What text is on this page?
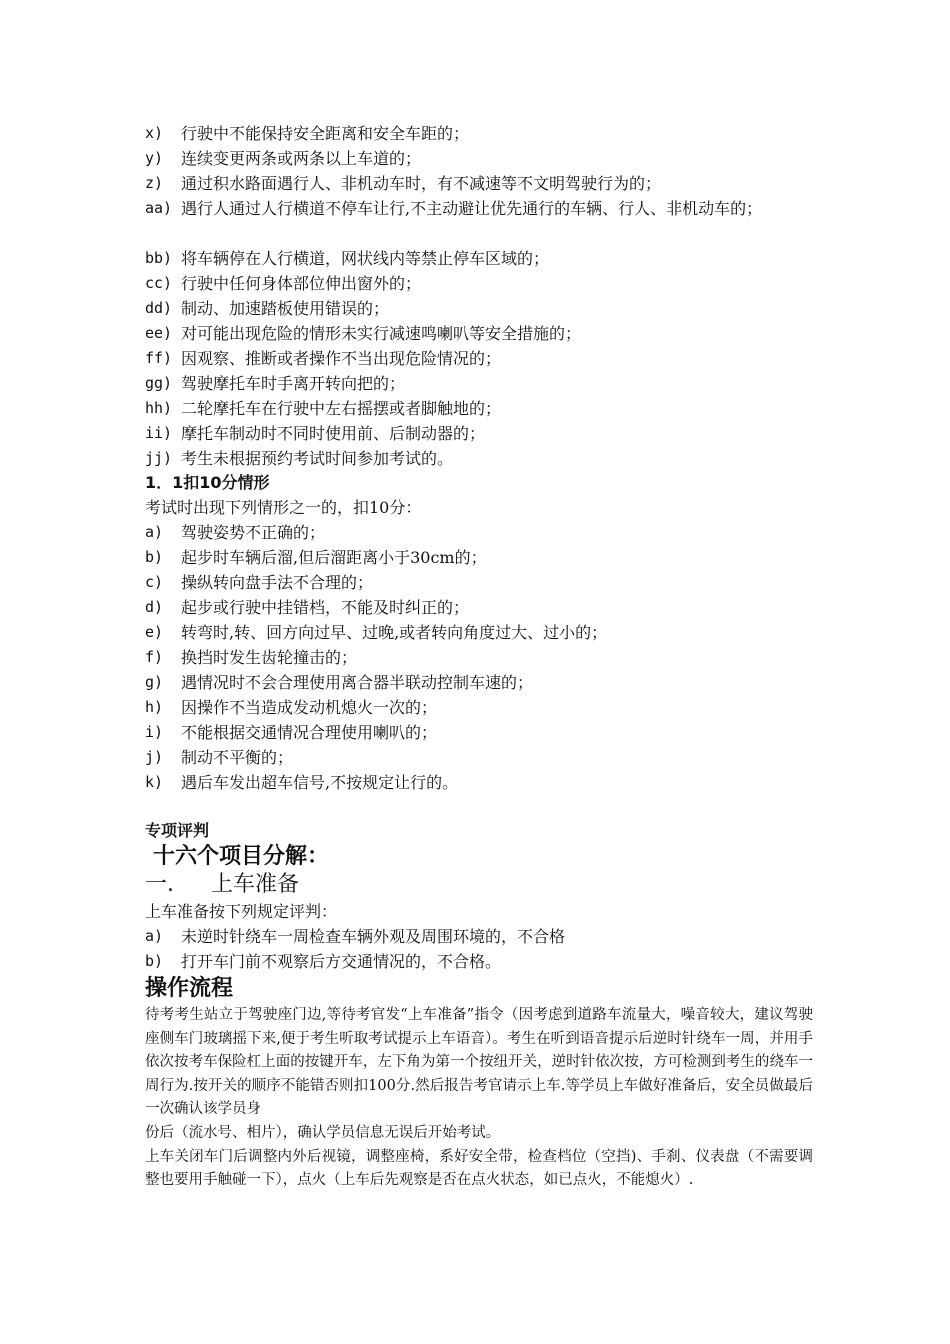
x)	行驶中不能保持安全距离和安全车距的；
y)	连续变更两条或两条以上车道的；
z)	通过积水路面遇行人、非机动车时，有不减速等不文明驾驶行为的；
aa) 遇行人通过人行横道不停车让行,不主动避让优先通行的车辆、行人、非机动车的；
bb) 将车辆停在人行横道，网状线内等禁止停车区域的；
cc) 行驶中任何身体部位伸出窗外的；
dd) 制动、加速踏板使用错误的；
ee) 对可能出现危险的情形未实行减速鸣喇叭等安全措施的；
ff) 因观察、推断或者操作不当出现危险情况的；
gg) 驾驶摩托车时手离开转向把的；
hh) 二轮摩托车在行驶中左右摇摆或者脚触地的；
ii) 摩托车制动时不同时使用前、后制动器的；
jj) 考生未根据预约考试时间参加考试的。
1．1扣10分情形
考试时出现下列情形之一的，扣10分：
a)	驾驶姿势不正确的；
b)	起步时车辆后溜,但后溜距离小于30cm的；
c)	操纵转向盘手法不合理的；
d)	起步或行驶中挂错档，不能及时纠正的；
e)	转弯时,转、回方向过早、过晚,或者转向角度过大、过小的；
f)	换挡时发生齿轮撞击的；
g)	遇情况时不会合理使用离合器半联动控制车速的；
h)	因操作不当造成发动机熄火一次的；
i)	不能根据交通情况合理使用喇叭的；
j)	制动不平衡的；
k)	遇后车发出超车信号,不按规定让行的。
专项评判
十六个项目分解：
一. 上车准备
上车准备按下列规定评判：
a)	未逆时针绕车一周检查车辆外观及周围环境的，不合格
b)	打开车门前不观察后方交通情况的，不合格。
操作流程
待考考生站立于驾驶座门边,等待考官发“上车准备”指令（因考虑到道路车流量大，噪音较大，建议驾驶座侧车门玻璃摇下来,便于考生听取考试提示上车语音）。考生在听到语音提示后逆时针绕车一周，并用手依次按考车保险杠上面的按键开车，左下角为第一个按纽开关，逆时针依次按，方可检测到考生的绕车一周行为.按开关的顺序不能错否则扣100分.然后报告考官请示上车.等学员上车做好准备后，安全员做最后一次确认该学员身
份后（流水号、相片），确认学员信息无误后开始考试。
上车关闭车门后调整内外后视镜，调整座椅，系好安全带，检查档位（空挡)、手刹、仪表盘（不需要调整也要用手触碰一下），点火（上车后先观察是否在点火状态，如已点火，不能熄火）.
